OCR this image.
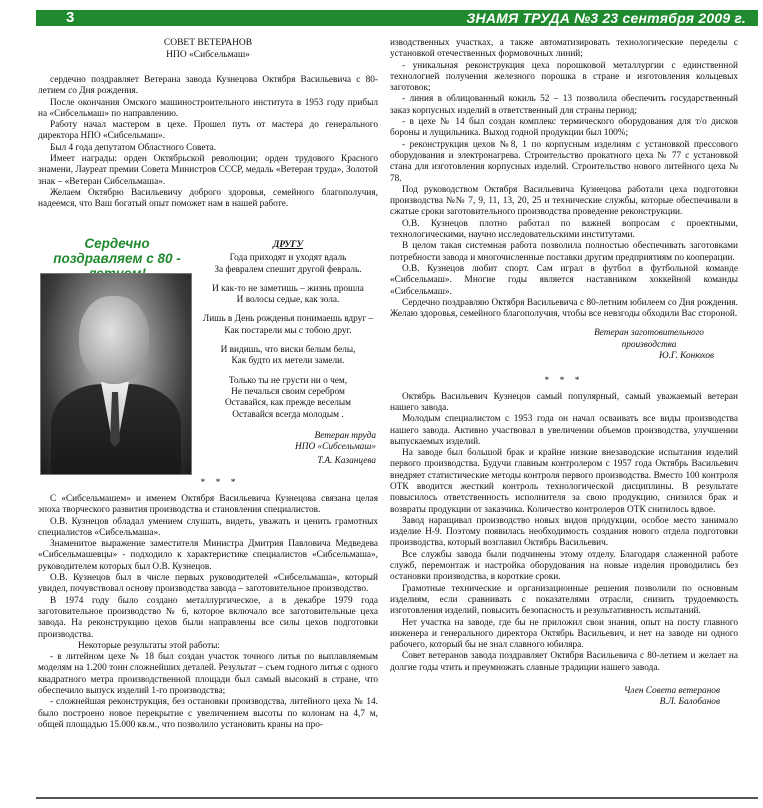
3	ЗНАМЯ ТРУДА №3 23 сентября 2009 г.
СОВЕТ ВЕТЕРАНОВ
НПО «Сибсельмаш»

сердечно поздравляет Ветерана завода Кузнецова Октября Васильевича с 80-летием со Дня рождения.

После окончания Омского машиностроительного института в 1953 году прибыл на «Сибсельмаш» по направлению.

Работу начал мастером в цехе. Прошел путь от мастера до генерального директора НПО «Сибсельмаш».

Был 4 года депутатом Областного Совета.

Имеет награды: орден Октябрьской революции; орден трудового Красного знамени, Лауреат премии Совета Министров СССР, медаль «Ветеран труда», Золотой знак – «Ветеран Сибсельмаша».

Желаем Октябрю Васильевичу доброго здоровья, семейного благополучия, надеемся, что Ваш богатый опыт поможет нам в нашей работе.

Сердечно поздравляем с 80 -
ДРУГУ
Года приходят и уходят вдаль
За февралем спешит другой февраль.
И как-то не заметишь – жизнь прошла
И волосы седые, как зола.
Лишь в День рожденья понимаешь вдруг –
Как постарели мы с тобою друг.
И видишь, что виски белым белы,
Как будто их метели замели.
Только ты не грусти ни о чем,
Не печалься своим серебром
Оставайся, как прежде веселым
Оставайся всегда молодым .
Ветеран труда
НПО «Сибсельмаш»
Т.А. Казанцева
* * *

С «Сибсельмашем» и именем Октября Васильевича Кузнецова связана целая эпоха творческого развития производства и становления специалистов.

О.В. Кузнецов обладал умением слушать, видеть, уважать и ценить грамотных специалистов «Сибсельмаша».

Знаменитое выражение заместителя Министра Дмитрия Павловича Медведева «Сибсельмашевцы» - подходило к характеристике специалистов «Сибсельмаша», руководителем которых был О.В. Кузнецов.

О.В. Кузнецов был в числе первых руководителей «Сибсельмаша», который увидел, почувствовал основу производства завода – заготовительное производство.

В 1974 году было создано металлургическое, а в декабре 1979 года заготовительное производство № 6, которое включало все заготовительные цеха завода. На реконструкцию цехов были направлены все силы цехов подготовки производства.

Некоторые результаты этой работы:

- в литейном цехе № 18 был создан участок точного литья по выплавляемым моделям на 1.200 тонн сложнейших деталей. Результат – съем годного литья с одного квадратного метра производственной площади был самый высокий в стране, что обеспечило выпуск изделий 1-го производства;

- сложнейшая реконструкция, без остановки производства, литейного цеха № 14. было построено новое перекрытие с увеличением высоты по колонам на 4,7 м, общей площадью 15.000 кв.м., что позволило установить краны на про-

изводственных участках, а также автоматизировать технологические переделы с установкой отечественных формовочных линий;

- уникальная реконструкция цеха порошковой металлургии с единственной технологией получения железного порошка в стране и изготовления кольцевых заготовок;

- линия в облицованный кокиль 52 – 13 позволила обеспечить государственный заказ корпусных изделий в ответственный для страны период;

- в цехе № 14 был создан комплекс термического оборудования для т/о дисков бороны и лущильника. Выход годной продукции был 100%;

- реконструкция цехов №8, 1 по корпусным изделиям с установкой прессового оборудования и электронагрева. Строительство прокатного цеха № 77 с установкой стана для изготовления корпусных изделий. Строительство нового литейного цеха № 78.

Под руководством Октября Васильевича Кузнецова работали цеха подготовки производства №№ 7, 9, 11, 13, 20, 25 и технические службы, которые обеспечивали в сжатые сроки заготовительного производства проведение реконструкции.

О.В. Кузнецов плотно работал по важней вопросам с проектными, технологическими, научно исследовательскими институтами.

В целом такая системная работа позволила полностью обеспечивать заготовками потребности завода и многочисленные поставки другим предприятиям по кооперации.

О.В. Кузнецов любит спорт. Сам играл в футбол в футбольной команде «Сибсельмаш». Многие годы является наставником хоккейной команды «Сибсельмаш».

Сердечно поздравляю Октября Васильевича с 80-летним юбилеем со Дня рождения. Желаю здоровья, семейного благополучия, чтобы все невзгоды обходили Вас стороной.

Ветеран заготовительного
производства
Ю.Г. Конюхов
* * *

Октябрь Васильевич Кузнецов самый популярный, самый уважаемый ветеран нашего завода.

Молодым специалистом с 1953 года он начал осваивать все виды производства нашего завода. Активно участвовал в увеличении объемов производства, улучшении выпускаемых изделий.

На заводе был большой брак и крайне низкие внезаводские испытания изделий первого производства. Будучи главным контролером с 1957 года Октябрь Васильевич внедряет статистические методы контроля первого производства. Вместо 100 контроля ОТК вводится жесткий контроль технологической дисциплины. В результате повысилось ответственность исполнителя за свою продукцию, снизился брак и возвраты продукции от заказчика. Количество контролеров ОТК снизилось вдвое.

Завод наращивал производство новых видов продукции, особое место занимало изделие Н-9. Поэтому появилась необходимость создания нового отдела подготовки производства, который возглавил Октябрь Васильевич.

Все службы завода были подчинены этому отделу. Благодаря слаженной работе служб, перемонтаж и настройка оборудования на новые изделия проводились без остановки производства, в короткие сроки.

Грамотные технические и организационные решения позволили по основным изделиям, если сравнивать с показателями отрасли, снизить трудоемкость изготовления изделий, повысить безопасность и результативность испытаний.

Нет участка на заводе, где бы не приложил свои знания, опыт на посту главного инженера и генерального директора Октябрь Васильевич, и нет на заводе ни одного рабочего, который бы не знал славного юбиляра.

Совет ветеранов завода поздравляет Октября Васильевича с 80-летием и желает на долгие годы чтить и преумножать славные традиции нашего завода.

Член Совета ветеранов
В.Л. Балобанов
